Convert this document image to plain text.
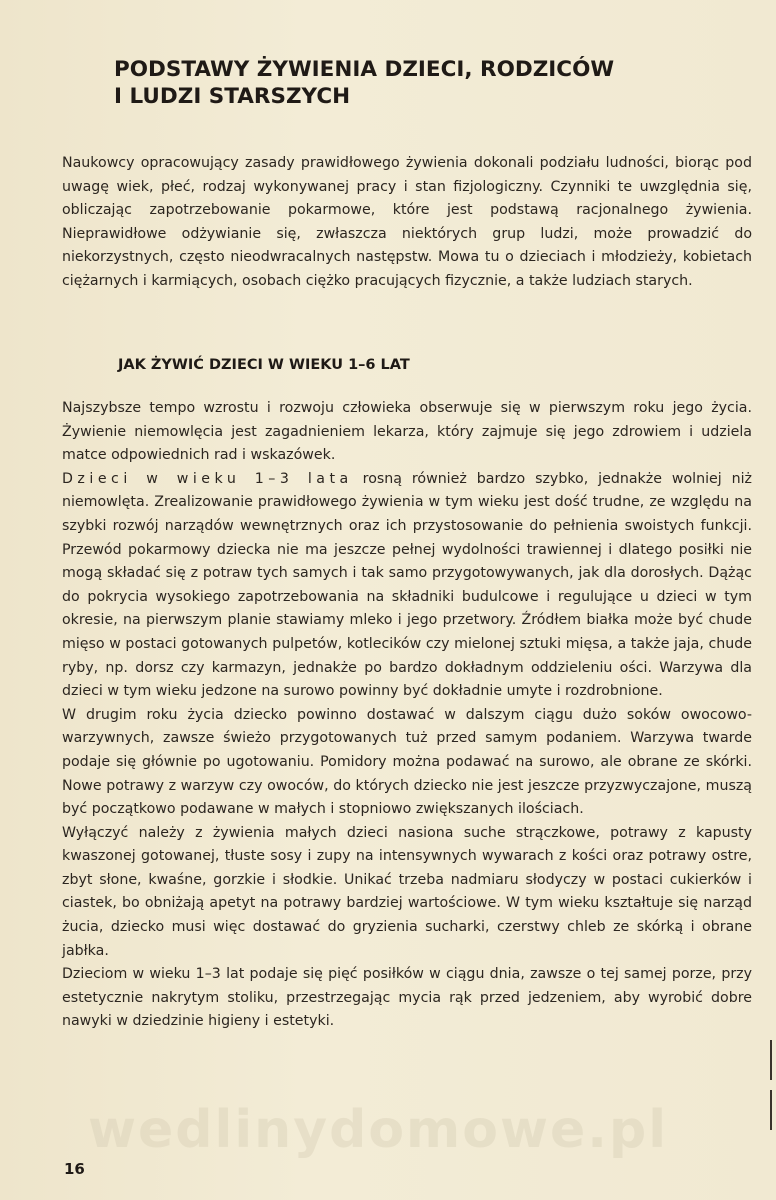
wedlinydomowe.pl
PODSTAWY ŻYWIENIA DZIECI, RODZICÓW
I LUDZI STARSZYCH

Naukowcy opracowujący zasady prawidłowego żywienia dokonali podziału ludności, biorąc pod uwagę wiek, płeć, rodzaj wykonywanej pracy i stan fizjologiczny. Czynniki te uwzględnia się, obliczając zapotrzebowanie pokarmowe, które jest podstawą racjonalnego żywienia. Nieprawidłowe odżywianie się, zwłaszcza niektórych grup ludzi, może prowadzić do niekorzystnych, często nieodwracalnych następstw. Mowa tu o dzieciach i młodzieży, kobietach ciężarnych i karmiących, osobach ciężko pracujących fizycznie, a także ludziach starych.

JAK ŻYWIĆ DZIECI W WIEKU 1–6 LAT

Najszybsze tempo wzrostu i rozwoju człowieka obserwuje się w pierwszym roku jego życia. Żywienie niemowlęcia jest zagadnieniem lekarza, który zajmuje się jego zdrowiem i udziela matce odpowiednich rad i wskazówek.

Dzieci w wieku 1–3 lata rosną również bardzo szybko, jednakże wolniej niż niemowlęta. Zrealizowanie prawidłowego żywienia w tym wieku jest dość trudne, ze względu na szybki rozwój narządów wewnętrznych oraz ich przystosowanie do pełnienia swoistych funkcji. Przewód pokarmowy dziecka nie ma jeszcze pełnej wydolności trawiennej i dlatego posiłki nie mogą składać się z potraw tych samych i tak samo przygotowywanych, jak dla dorosłych. Dążąc do pokrycia wysokiego zapotrzebowania na składniki budulcowe i regulujące u dzieci w tym okresie, na pierwszym planie stawiamy mleko i jego przetwory. Źródłem białka może być chude mięso w postaci gotowanych pulpetów, kotlecików czy mielonej sztuki mięsa, a także jaja, chude ryby, np. dorsz czy karmazyn, jednakże po bardzo dokładnym oddzieleniu ości. Warzywa dla dzieci w tym wieku jedzone na surowo powinny być dokładnie umyte i rozdrobnione.

W drugim roku życia dziecko powinno dostawać w dalszym ciągu dużo soków owocowo-warzywnych, zawsze świeżo przygotowanych tuż przed samym podaniem. Warzywa twarde podaje się głównie po ugotowaniu. Pomidory można podawać na surowo, ale obrane ze skórki. Nowe potrawy z warzyw czy owoców, do których dziecko nie jest jeszcze przyzwyczajone, muszą być początkowo podawane w małych i stopniowo zwiększanych ilościach.

Wyłączyć należy z żywienia małych dzieci nasiona suche strączkowe, potrawy z kapusty kwaszonej gotowanej, tłuste sosy i zupy na intensywnych wywarach z kości oraz potrawy ostre, zbyt słone, kwaśne, gorzkie i słodkie. Unikać trzeba nadmiaru słodyczy w postaci cukierków i ciastek, bo obniżają apetyt na potrawy bardziej wartościowe. W tym wieku kształtuje się narząd żucia, dziecko musi więc dostawać do gryzienia sucharki, czerstwy chleb ze skórką i obrane jabłka.

Dzieciom w wieku 1–3 lat podaje się pięć posiłków w ciągu dnia, zawsze o tej samej porze, przy estetycznie nakrytym stoliku, przestrzegając mycia rąk przed jedzeniem, aby wyrobić dobre nawyki w dziedzinie higieny i estetyki.

16
